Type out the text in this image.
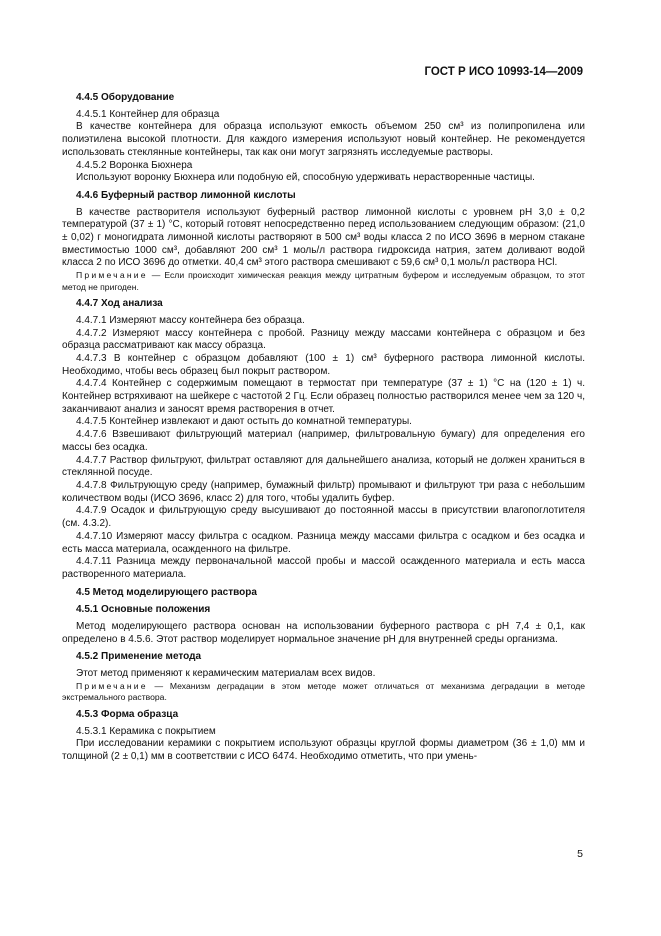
ГОСТ Р ИСО 10993-14—2009

4.4.5 Оборудование

4.4.5.1 Контейнер для образца

В качестве контейнера для образца используют емкость объемом 250 см³ из полипропилена или полиэтилена высокой плотности. Для каждого измерения используют новый контейнер. Не рекомендуется использовать стеклянные контейнеры, так как они могут загрязнять исследуемые растворы.

4.4.5.2 Воронка Бюхнера

Используют воронку Бюхнера или подобную ей, способную удерживать нерастворенные частицы.

4.4.6 Буферный раствор лимонной кислоты

В качестве растворителя используют буферный раствор лимонной кислоты с уровнем pH 3,0 ± 0,2 температурой (37 ± 1) °С, который готовят непосредственно перед использованием следующим образом: (21,0 ± 0,02) г моногидрата лимонной кислоты растворяют в 500 см³ воды класса 2 по ИСО 3696 в мерном стакане вместимостью 1000 см³, добавляют 200 см³ 1 моль/л раствора гидроксида натрия, затем доливают водой класса 2 по ИСО 3696 до отметки. 40,4 см³ этого раствора смешивают с 59,6 см³ 0,1 моль/л раствора HCl.

Примечание — Если происходит химическая реакция между цитратным буфером и исследуемым образцом, то этот метод не пригоден.

4.4.7 Ход анализа

4.4.7.1 Измеряют массу контейнера без образца.

4.4.7.2 Измеряют массу контейнера с пробой. Разницу между массами контейнера с образцом и без образца рассматривают как массу образца.

4.4.7.3 В контейнер с образцом добавляют (100 ± 1) см³ буферного раствора лимонной кислоты. Необходимо, чтобы весь образец был покрыт раствором.

4.4.7.4 Контейнер с содержимым помещают в термостат при температуре (37 ± 1) °С на (120 ± 1) ч. Контейнер встряхивают на шейкере с частотой 2 Гц. Если образец полностью растворился менее чем за 120 ч, заканчивают анализ и заносят время растворения в отчет.

4.4.7.5 Контейнер извлекают и дают остыть до комнатной температуры.

4.4.7.6 Взвешивают фильтрующий материал (например, фильтровальную бумагу) для определения его массы без осадка.

4.4.7.7 Раствор фильтруют, фильтрат оставляют для дальнейшего анализа, который не должен храниться в стеклянной посуде.

4.4.7.8 Фильтрующую среду (например, бумажный фильтр) промывают и фильтруют три раза с небольшим количеством воды (ИСО 3696, класс 2) для того, чтобы удалить буфер.

4.4.7.9 Осадок и фильтрующую среду высушивают до постоянной массы в присутствии влагопоглотителя (см. 4.3.2).

4.4.7.10 Измеряют массу фильтра с осадком. Разница между массами фильтра с осадком и без осадка и есть масса материала, осажденного на фильтре.

4.4.7.11 Разница между первоначальной массой пробы и массой осажденного материала и есть масса растворенного материала.

4.5 Метод моделирующего раствора

4.5.1 Основные положения

Метод моделирующего раствора основан на использовании буферного раствора с pH 7,4 ± 0,1, как определено в 4.5.6. Этот раствор моделирует нормальное значение pH для внутренней среды организма.

4.5.2 Применение метода

Этот метод применяют к керамическим материалам всех видов.

Примечание — Механизм деградации в этом методе может отличаться от механизма деградации в методе экстремального раствора.

4.5.3 Форма образца

4.5.3.1 Керамика с покрытием

При исследовании керамики с покрытием используют образцы круглой формы диаметром (36 ± 1,0) мм и толщиной (2 ± 0,1) мм в соответствии с ИСО 6474. Необходимо отметить, что при умень-

5
